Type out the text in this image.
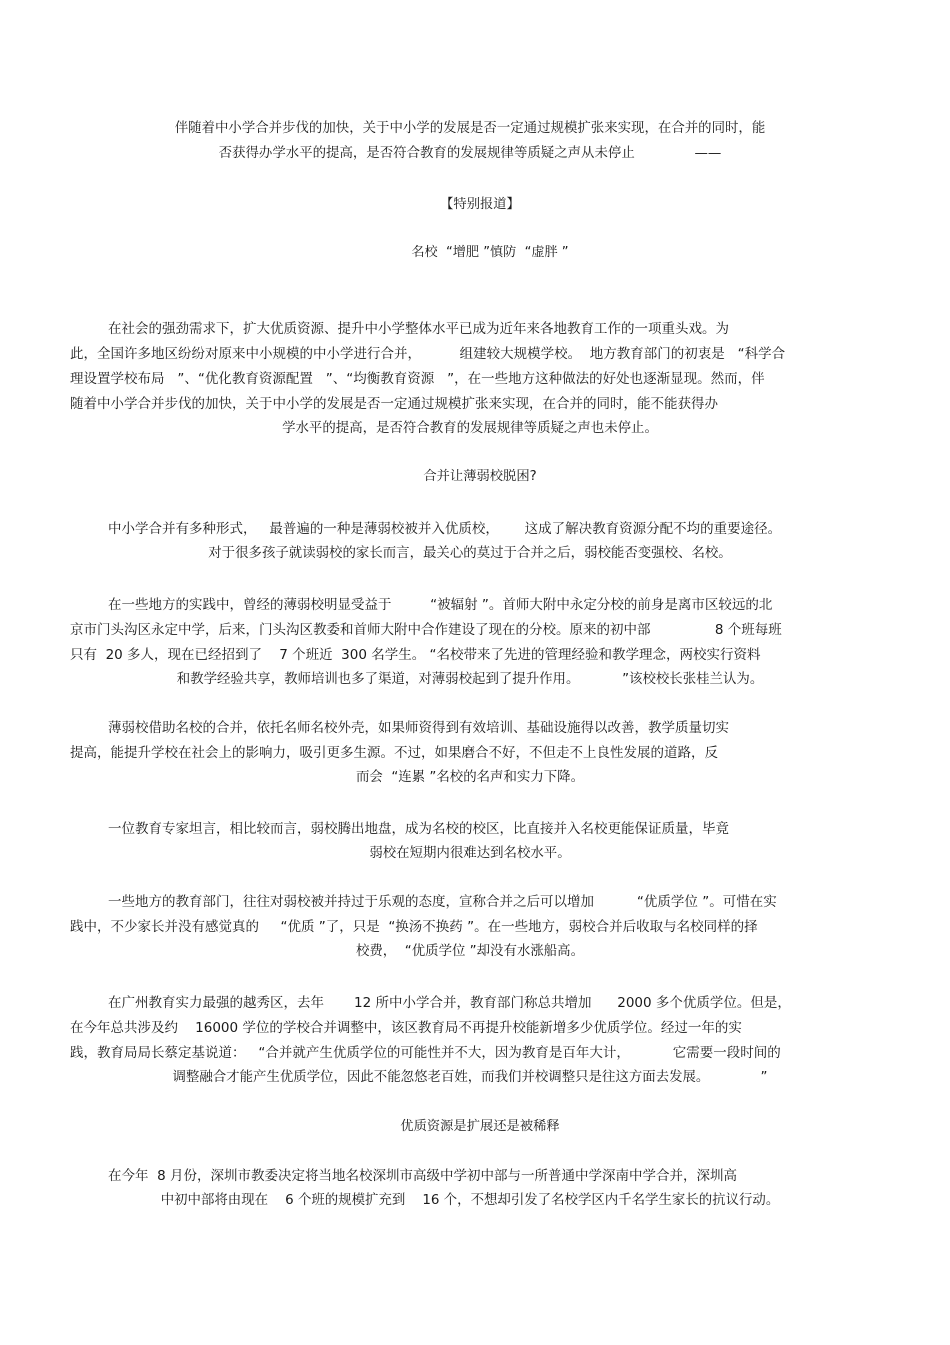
伴随着中小学合并步伐的加快，关于中小学的发展是否一定通过规模扩张来实现，在合并的同时，能
否获得办学水平的提高，是否符合教育的发展规律等质疑之声从未停止              ——
【特别报道】
名校  “增肥 ”慎防  “虚胖 ”
在社会的强劲需求下，扩大优质资源、提升中小学整体水平已成为近年来各地教育工作的一项重头戏。为
此，全国许多地区纷纷对原来中小规模的中小学进行合并，         组建较大规模学校。  地方教育部门的初衷是   “科学合
理设置学校布局   ”、“优化教育资源配置   ”、“均衡教育资源   ”，在一些地方这种做法的好处也逐渐显现。然而，伴
随着中小学合并步伐的加快，关于中小学的发展是否一定通过规模扩张来实现，在合并的同时，能不能获得办
学水平的提高，是否符合教育的发展规律等质疑之声也未停止。
合并让薄弱校脱困?
中小学合并有多种形式，   最普遍的一种是薄弱校被并入优质校，      这成了解决教育资源分配不均的重要途径。
对于很多孩子就读弱校的家长而言，最关心的莫过于合并之后，弱校能否变强校、名校。
在一些地方的实践中，曾经的薄弱校明显受益于         “被辐射 ”。首师大附中永定分校的前身是离市区较远的北
京市门头沟区永定中学，后来，门头沟区教委和首师大附中合作建设了现在的分校。原来的初中部               8 个班每班
只有  20 多人，现在已经招到了    7 个班近  300 名学生。 “名校带来了先进的管理经验和教学理念，两校实行资料
和教学经验共享，教师培训也多了渠道，对薄弱校起到了提升作用。          ”该校校长张桂兰认为。
薄弱校借助名校的合并，依托名师名校外壳，如果师资得到有效培训、基础设施得以改善，教学质量切实
提高，能提升学校在社会上的影响力，吸引更多生源。不过，如果磨合不好，不但走不上良性发展的道路，反
而会  “连累 ”名校的名声和实力下降。
一位教育专家坦言，相比较而言，弱校腾出地盘，成为名校的校区，比直接并入名校更能保证质量，毕竟
弱校在短期内很难达到名校水平。
一些地方的教育部门，往往对弱校被并持过于乐观的态度，宣称合并之后可以增加          “优质学位 ”。可惜在实
践中，不少家长并没有感觉真的     “优质 ”了，只是  “换汤不换药 ”。在一些地方，弱校合并后收取与名校同样的择
校费，  “优质学位 ”却没有水涨船高。
在广州教育实力最强的越秀区，去年       12 所中小学合并，教育部门称总共增加      2000 多个优质学位。但是，
在今年总共涉及约    16000 学位的学校合并调整中，该区教育局不再提升校能新增多少优质学位。经过一年的实
践，教育局局长蔡定基说道：   “合并就产生优质学位的可能性并不大，因为教育是百年大计，          它需要一段时间的
调整融合才能产生优质学位，因此不能忽悠老百姓，而我们并校调整只是往这方面去发展。            ”
优质资源是扩展还是被稀释
在今年  8 月份，深圳市教委决定将当地名校深圳市高级中学初中部与一所普通中学深南中学合并，深圳高
中初中部将由现在    6 个班的规模扩充到    16 个，不想却引发了名校学区内千名学生家长的抗议行动。
